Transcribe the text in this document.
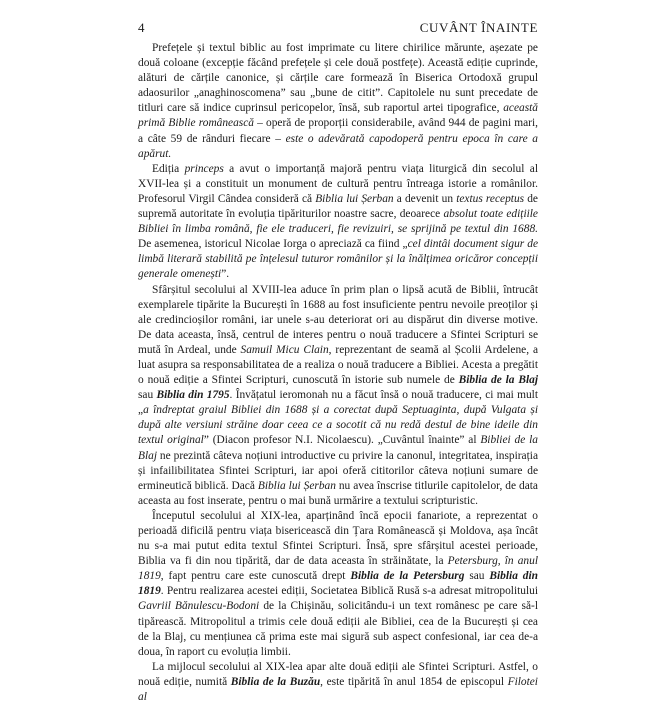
4	CUVÂNT ÎNAINTE

Prefețele și textul biblic au fost imprimate cu litere chirilice mărunte, așezate pe două coloane (excepție făcând prefețele și cele două postfețe). Această ediție cuprinde, alături de cărțile canonice, și cărțile care formează în Biserica Ortodoxă grupul adaosurilor „anaghinoscomena” sau „bune de citit”. Capitolele nu sunt precedate de titluri care să indice cuprinsul pericopelor, însă, sub raportul artei tipografice, această primă Biblie românească – operă de proporții considerabile, având 944 de pagini mari, a câte 59 de rânduri fiecare – este o adevărată capodoperă pentru epoca în care a apărut.

Ediția princeps a avut o importanță majoră pentru viața liturgică din secolul al XVII-lea și a constituit un monument de cultură pentru întreaga istorie a românilor. Profesorul Virgil Cândea consideră că Biblia lui Șerban a devenit un textus receptus de supremă autoritate în evoluția tipăriturilor noastre sacre, deoarece absolut toate edițiile Bibliei în limba română, fie ele traduceri, fie revizuiri, se sprijină pe textul din 1688. De asemenea, istoricul Nicolae Iorga o apreciază ca fiind „cel dintâi document sigur de limbă literară stabilită pe înțelesul tuturor românilor și la înălțimea oricăror concepții generale omenești”.

Sfârșitul secolului al XVIII-lea aduce în prim plan o lipsă acută de Biblii, întrucât exemplarele tipărite la București în 1688 au fost insuficiente pentru nevoile preoților și ale credincioșilor români, iar unele s-au deteriorat ori au dispărut din diverse motive. De data aceasta, însă, centrul de interes pentru o nouă traducere a Sfintei Scripturi se mută în Ardeal, unde Samuil Micu Clain, reprezentant de seamă al Școlii Ardelene, a luat asupra sa responsabilitatea de a realiza o nouă traducere a Bibliei. Acesta a pregătit o nouă ediție a Sfintei Scripturi, cunoscută în istorie sub numele de Biblia de la Blaj sau Biblia din 1795. Învățatul ieromonah nu a făcut însă o nouă traducere, ci mai mult „a îndreptat graiul Bibliei din 1688 și a corectat după Septuaginta, după Vulgata și după alte versiuni străine doar ceea ce a socotit că nu redă destul de bine ideile din textul original” (Diacon profesor N.I. Nicolaescu). „Cuvântul înainte” al Bibliei de la Blaj ne prezintă câteva noțiuni introductive cu privire la canonul, integritatea, inspirația și infailibilitatea Sfintei Scripturi, iar apoi oferă cititorilor câteva noțiuni sumare de ermineutică biblică. Dacă Biblia lui Șerban nu avea înscrise titlurile capitolelor, de data aceasta au fost inserate, pentru o mai bună urmărire a textului scripturistic.

Începutul secolului al XIX-lea, aparținând încă epocii fanariote, a reprezentat o perioadă dificilă pentru viața bisericească din Țara Românească și Moldova, așa încât nu s-a mai putut edita textul Sfintei Scripturi. Însă, spre sfârșitul acestei perioade, Biblia va fi din nou tipărită, dar de data aceasta în străinătate, la Petersburg, în anul 1819, fapt pentru care este cunoscută drept Biblia de la Petersburg sau Biblia din 1819. Pentru realizarea acestei ediții, Societatea Biblică Rusă s-a adresat mitropolitului Gavriil Bănulescu-Bodoni de la Chișinău, solicitându-i un text românesc pe care să-l tipărească. Mitropolitul a trimis cele două ediții ale Bibliei, cea de la București și cea de la Blaj, cu mențiunea că prima este mai sigură sub aspect confesional, iar cea de-a doua, în raport cu evoluția limbii.

La mijlocul secolului al XIX-lea apar alte două ediții ale Sfintei Scripturi. Astfel, o nouă ediție, numită Biblia de la Buzău, este tipărită în anul 1854 de episcopul Filotei al
